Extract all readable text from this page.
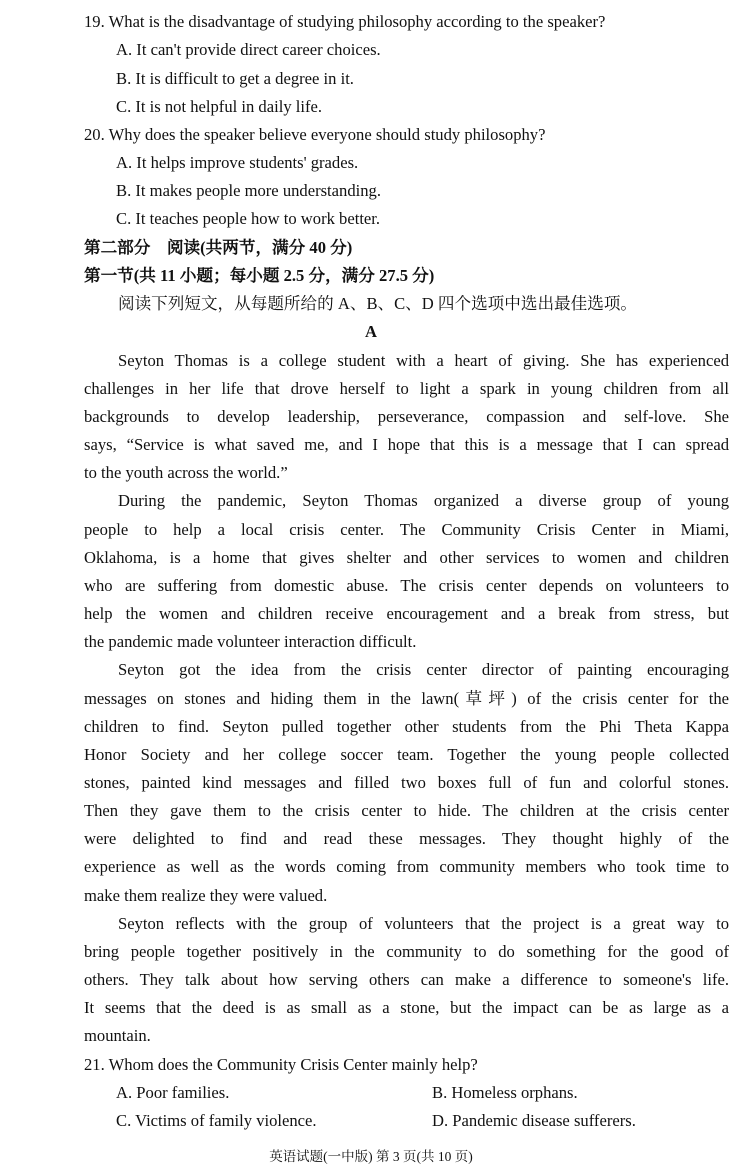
19. What is the disadvantage of studying philosophy according to the speaker?
A. It can't provide direct career choices.
B. It is difficult to get a degree in it.
C. It is not helpful in daily life.
20. Why does the speaker believe everyone should study philosophy?
A. It helps improve students' grades.
B. It makes people more understanding.
C. It teaches people how to work better.
第二部分　阅读(共两节，满分 40 分)
第一节(共 11 小题；每小题 2.5 分，满分 27.5 分)
阅读下列短文，从每题所给的 A、B、C、D 四个选项中选出最佳选项。
A
Seyton Thomas is a college student with a heart of giving. She has experienced
challenges in her life that drove herself to light a spark in young children from all
backgrounds to develop leadership, perseverance, compassion and self-love. She
says, “Service is what saved me, and I hope that this is a message that I can spread
to the youth across the world.”
During the pandemic, Seyton Thomas organized a diverse group of young
people to help a local crisis center. The Community Crisis Center in Miami,
Oklahoma, is a home that gives shelter and other services to women and children
who are suffering from domestic abuse. The crisis center depends on volunteers to
help the women and children receive encouragement and a break from stress, but
the pandemic made volunteer interaction difficult.
Seyton got the idea from the crisis center director of painting encouraging
messages on stones and hiding them in the lawn(草坪) of the crisis center for the
children to find. Seyton pulled together other students from the Phi Theta Kappa
Honor Society and her college soccer team. Together the young people collected
stones, painted kind messages and filled two boxes full of fun and colorful stones.
Then they gave them to the crisis center to hide. The children at the crisis center
were delighted to find and read these messages. They thought highly of the
experience as well as the words coming from community members who took time to
make them realize they were valued.
Seyton reflects with the group of volunteers that the project is a great way to
bring people together positively in the community to do something for the good of
others. They talk about how serving others can make a difference to someone's life.
It seems that the deed is as small as a stone, but the impact can be as large as a
mountain.
21. Whom does the Community Crisis Center mainly help?
A. Poor families.	B. Homeless orphans.
C. Victims of family violence.	D. Pandemic disease sufferers.
英语试题(一中版) 第 3 页(共 10 页)
